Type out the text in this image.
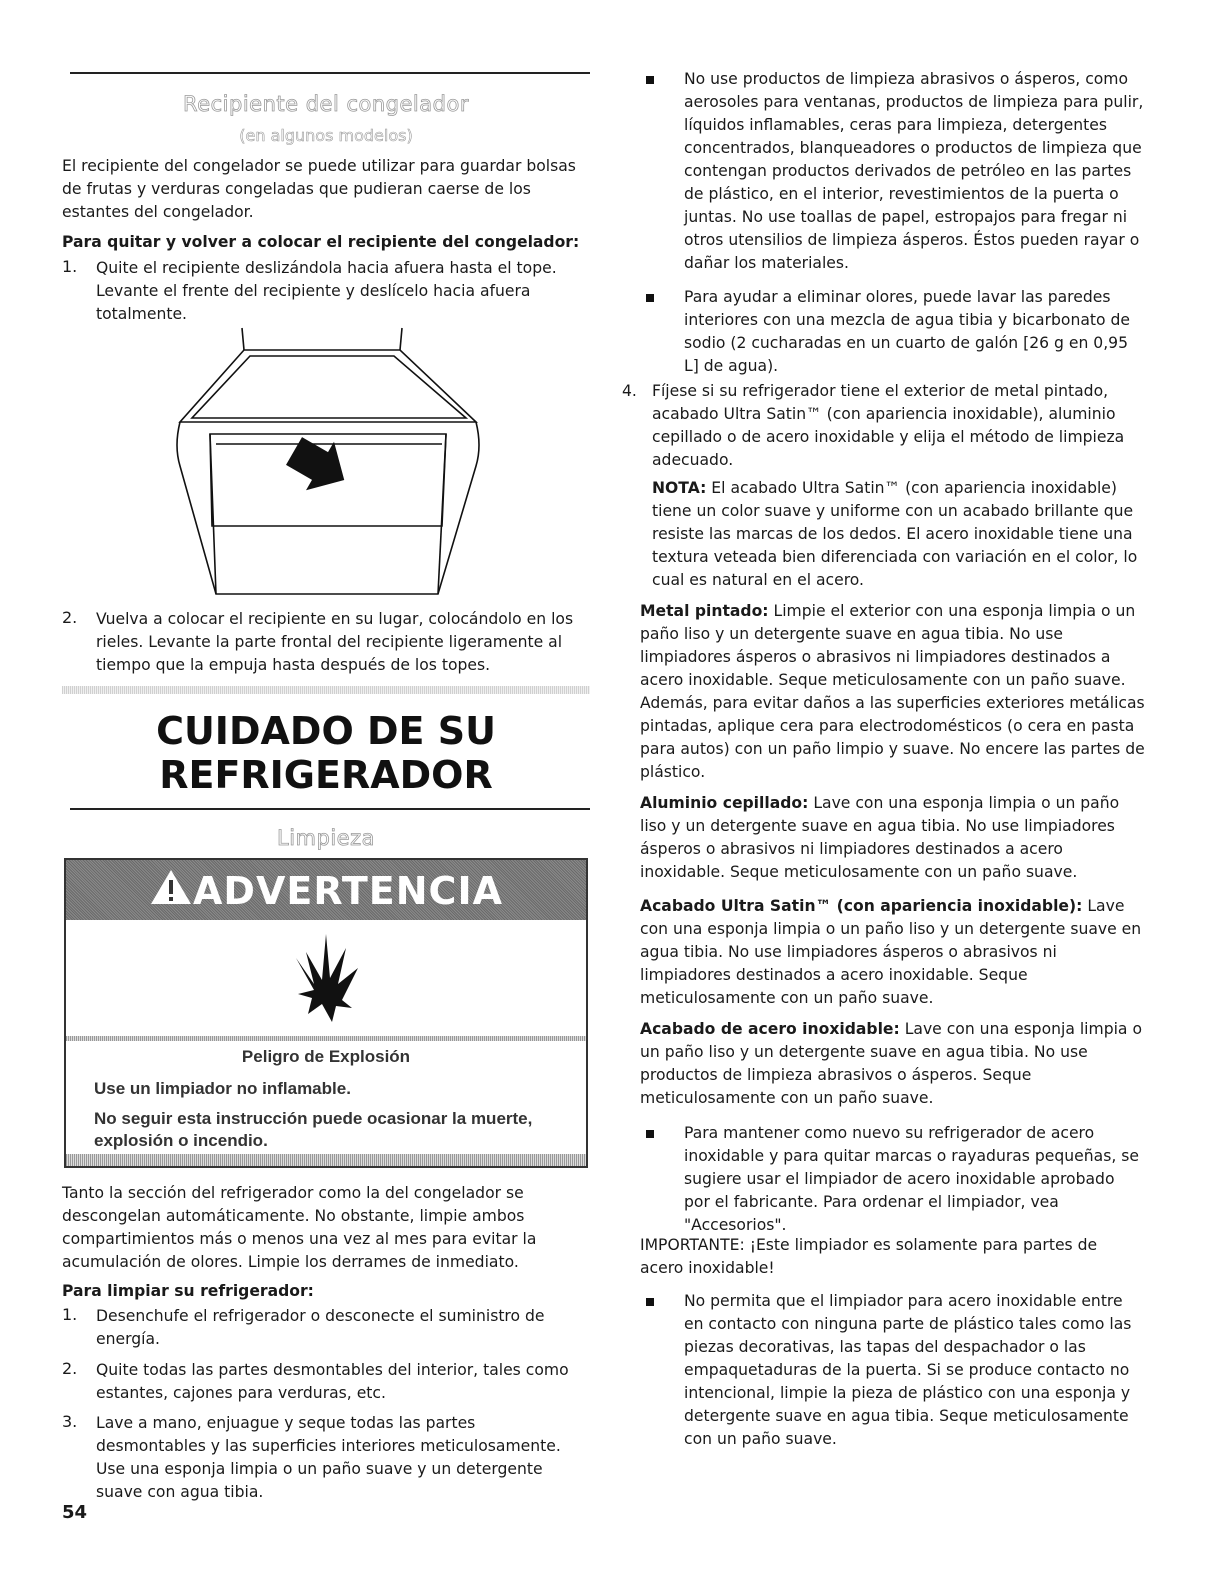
Recipiente del congelador
(en algunos modelos)

El recipiente del congelador se puede utilizar para guardar bolsas de frutas y verduras congeladas que pudieran caerse de los estantes del congelador.

Para quitar y volver a colocar el recipiente del congelador:

1. Quite el recipiente deslizándola hacia afuera hasta el tope. Levante el frente del recipiente y deslícelo hacia afuera totalmente.

2. Vuelva a colocar el recipiente en su lugar, colocándolo en los rieles. Levante la parte frontal del recipiente ligeramente al tiempo que la empuja hasta después de los topes.

CUIDADO DE SU
REFRIGERADOR
Limpieza
ADVERTENCIA
Peligro de Explosión
Use un limpiador no inflamable.
No seguir esta instrucción puede ocasionar la muerte, explosión o incendio.

Tanto la sección del refrigerador como la del congelador se descongelan automáticamente. No obstante, limpie ambos compartimientos más o menos una vez al mes para evitar la acumulación de olores. Limpie los derrames de inmediato.

Para limpiar su refrigerador:

1. Desenchufe el refrigerador o desconecte el suministro de energía.

2. Quite todas las partes desmontables del interior, tales como estantes, cajones para verduras, etc.

3. Lave a mano, enjuague y seque todas las partes desmontables y las superficies interiores meticulosamente. Use una esponja limpia o un paño suave y un detergente suave con agua tibia.

54

No use productos de limpieza abrasivos o ásperos, como aerosoles para ventanas, productos de limpieza para pulir, líquidos inflamables, ceras para limpieza, detergentes concentrados, blanqueadores o productos de limpieza que contengan productos derivados de petróleo en las partes de plástico, en el interior, revestimientos de la puerta o juntas. No use toallas de papel, estropajos para fregar ni otros utensilios de limpieza ásperos. Éstos pueden rayar o dañar los materiales.

Para ayudar a eliminar olores, puede lavar las paredes interiores con una mezcla de agua tibia y bicarbonato de sodio (2 cucharadas en un cuarto de galón [26 g en 0,95 L] de agua).

4. Fíjese si su refrigerador tiene el exterior de metal pintado, acabado Ultra Satin™ (con apariencia inoxidable), aluminio cepillado o de acero inoxidable y elija el método de limpieza adecuado.

NOTA: El acabado Ultra Satin™ (con apariencia inoxidable) tiene un color suave y uniforme con un acabado brillante que resiste las marcas de los dedos. El acero inoxidable tiene una textura veteada bien diferenciada con variación en el color, lo cual es natural en el acero.

Metal pintado: Limpie el exterior con una esponja limpia o un paño liso y un detergente suave en agua tibia. No use limpiadores ásperos o abrasivos ni limpiadores destinados a acero inoxidable. Seque meticulosamente con un paño suave. Además, para evitar daños a las superficies exteriores metálicas pintadas, aplique cera para electrodomésticos (o cera en pasta para autos) con un paño limpio y suave. No encere las partes de plástico.

Aluminio cepillado: Lave con una esponja limpia o un paño liso y un detergente suave en agua tibia. No use limpiadores ásperos o abrasivos ni limpiadores destinados a acero inoxidable. Seque meticulosamente con un paño suave.

Acabado Ultra Satin™ (con apariencia inoxidable): Lave con una esponja limpia o un paño liso y un detergente suave en agua tibia. No use limpiadores ásperos o abrasivos ni limpiadores destinados a acero inoxidable. Seque meticulosamente con un paño suave.

Acabado de acero inoxidable: Lave con una esponja limpia o un paño liso y un detergente suave en agua tibia. No use productos de limpieza abrasivos o ásperos. Seque meticulosamente con un paño suave.

Para mantener como nuevo su refrigerador de acero inoxidable y para quitar marcas o rayaduras pequeñas, se sugiere usar el limpiador de acero inoxidable aprobado por el fabricante. Para ordenar el limpiador, vea "Accesorios".

IMPORTANTE: ¡Este limpiador es solamente para partes de acero inoxidable!

No permita que el limpiador para acero inoxidable entre en contacto con ninguna parte de plástico tales como las piezas decorativas, las tapas del despachador o las empaquetaduras de la puerta. Si se produce contacto no intencional, limpie la pieza de plástico con una esponja y detergente suave en agua tibia. Seque meticulosamente con un paño suave.
